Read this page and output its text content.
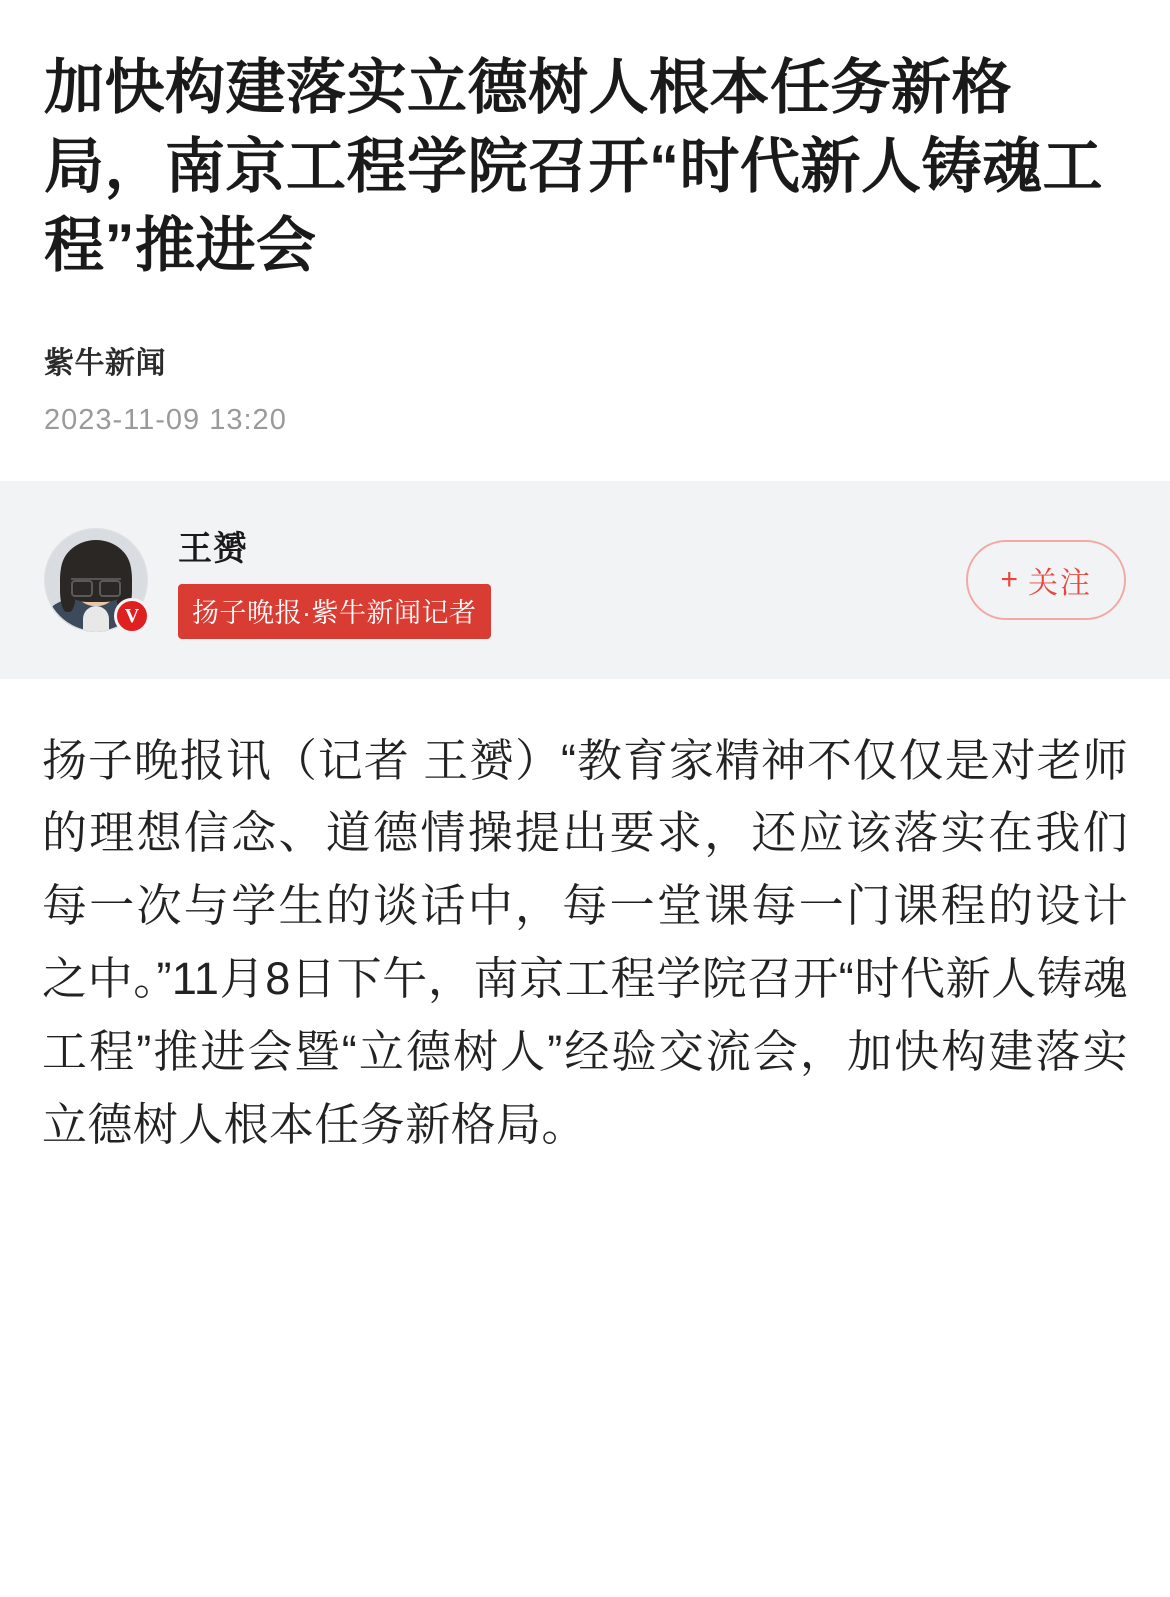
加快构建落实立德树人根本任务新格局，南京工程学院召开“时代新人铸魂工程”推进会
紫牛新闻
2023-11-09 13:20
V
王赟
扬子晚报·紫牛新闻记者
+ 关注

扬子晚报讯（记者 王赟）“教育家精神不仅仅是对老师的理想信念、道德情操提出要求，还应该落实在我们每一次与学生的谈话中，每一堂课每一门课程的设计之中。”11月8日下午，南京工程学院召开“时代新人铸魂工程”推进会暨“立德树人”经验交流会，加快构建落实立德树人根本任务新格局。
